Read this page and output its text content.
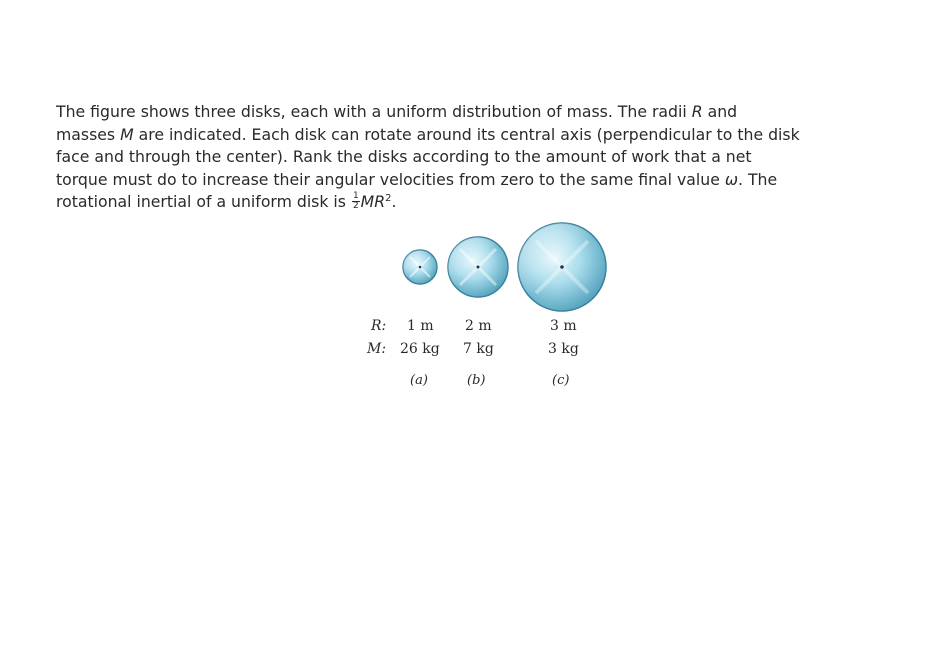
The figure shows three disks, each with a uniform distribution of mass. The radii R and
masses M are indicated. Each disk can rotate around its central axis (perpendicular to the disk
face and through the center). Rank the disks according to the amount of work that a net
torque must do to increase their angular velocities from zero to the same final value ω. The
rotational inertial of a uniform disk is $\frac{1}{2} MR^2$.
R:
M:
1 m
26 kg
(a)
2 m
7 kg
(b)
3 m
3 kg
(c)
